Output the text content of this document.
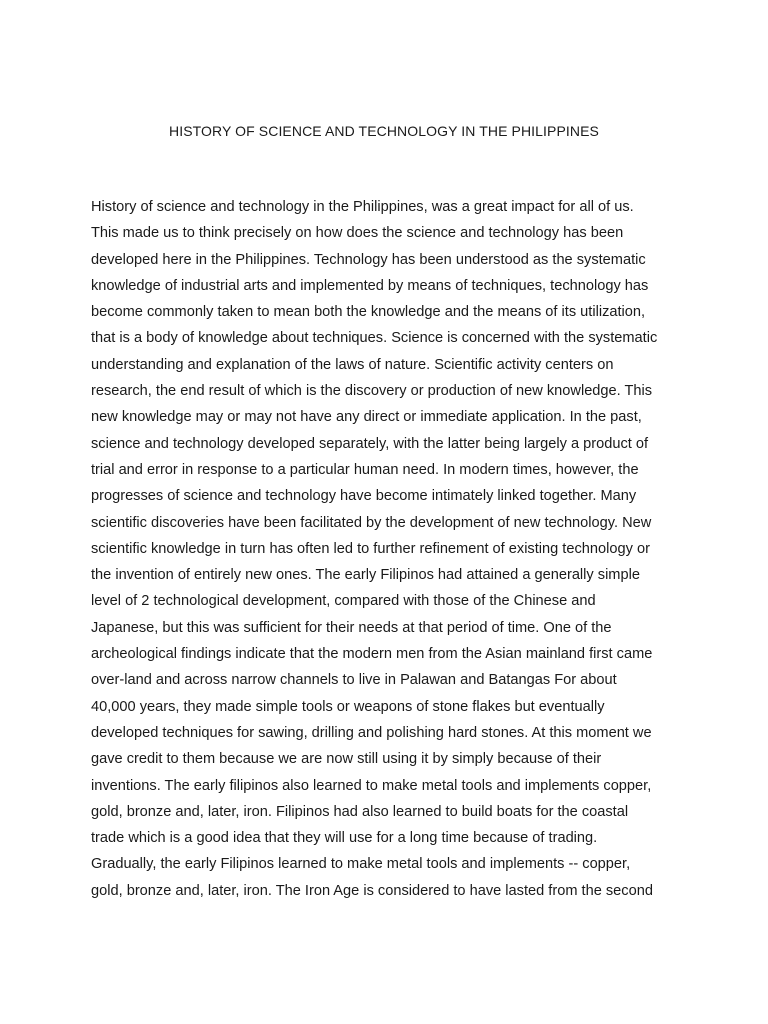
HISTORY OF SCIENCE AND TECHNOLOGY IN THE PHILIPPINES
History of science and technology in the Philippines, was a great impact for all of us.
This made us to think precisely on how does the science and technology has been
developed here in the Philippines. Technology has been understood as the systematic
knowledge of industrial arts and implemented by means of techniques, technology has
become commonly taken to mean both the knowledge and the means of its utilization,
that is a body of knowledge about techniques. Science is concerned with the systematic
understanding and explanation of the laws of nature. Scientific activity centers on
research, the end result of which is the discovery or production of new knowledge. This
new knowledge may or may not have any direct or immediate application. In the past,
science and technology developed separately, with the latter being largely a product of
trial and error in response to a particular human need. In modern times, however, the
progresses of science and technology have become intimately linked together. Many
scientific discoveries have been facilitated by the development of new technology. New
scientific knowledge in turn has often led to further refinement of existing technology or
the invention of entirely new ones. The early Filipinos had attained a generally simple
level of 2 technological development, compared with those of the Chinese and
Japanese, but this was sufficient for their needs at that period of time. One of the
archeological findings indicate that the modern men from the Asian mainland first came
over-land and across narrow channels to live in Palawan and Batangas For about
40,000 years, they made simple tools or weapons of stone flakes but eventually
developed techniques for sawing, drilling and polishing hard stones. At this moment we
gave credit to them because we are now still using it by simply because of their
inventions. The early filipinos also learned to make metal tools and implements copper,
gold, bronze and, later, iron. Filipinos had also learned to build boats for the coastal
trade which is a good idea that they will use for a long time because of trading.
Gradually, the early Filipinos learned to make metal tools and implements -- copper,
gold, bronze and, later, iron. The Iron Age is considered to have lasted from the second
